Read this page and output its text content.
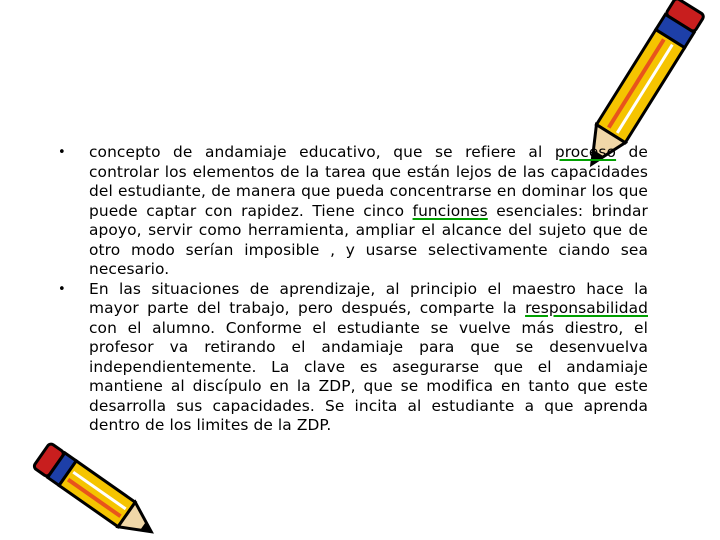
• concepto de andamiaje educativo, que se refiere al proceso de controlar los elementos de la tarea que están lejos de las capacidades del estudiante, de manera que pueda concentrarse en dominar los que puede captar con rapidez. Tiene cinco funciones esenciales: brindar apoyo, servir como herramienta, ampliar el alcance del sujeto que de otro modo serían imposible , y usarse selectivamente ciando sea necesario.

• En las situaciones de aprendizaje, al principio el maestro hace la mayor parte del trabajo, pero después, comparte la responsabilidad con el alumno. Conforme el estudiante se vuelve más diestro, el profesor va retirando el andamiaje para que se desenvuelva independientemente. La clave es asegurarse que el andamiaje mantiene al discípulo en la ZDP, que se modifica en tanto que este desarrolla sus capacidades. Se incita al estudiante a que aprenda dentro de los limites de la ZDP.
